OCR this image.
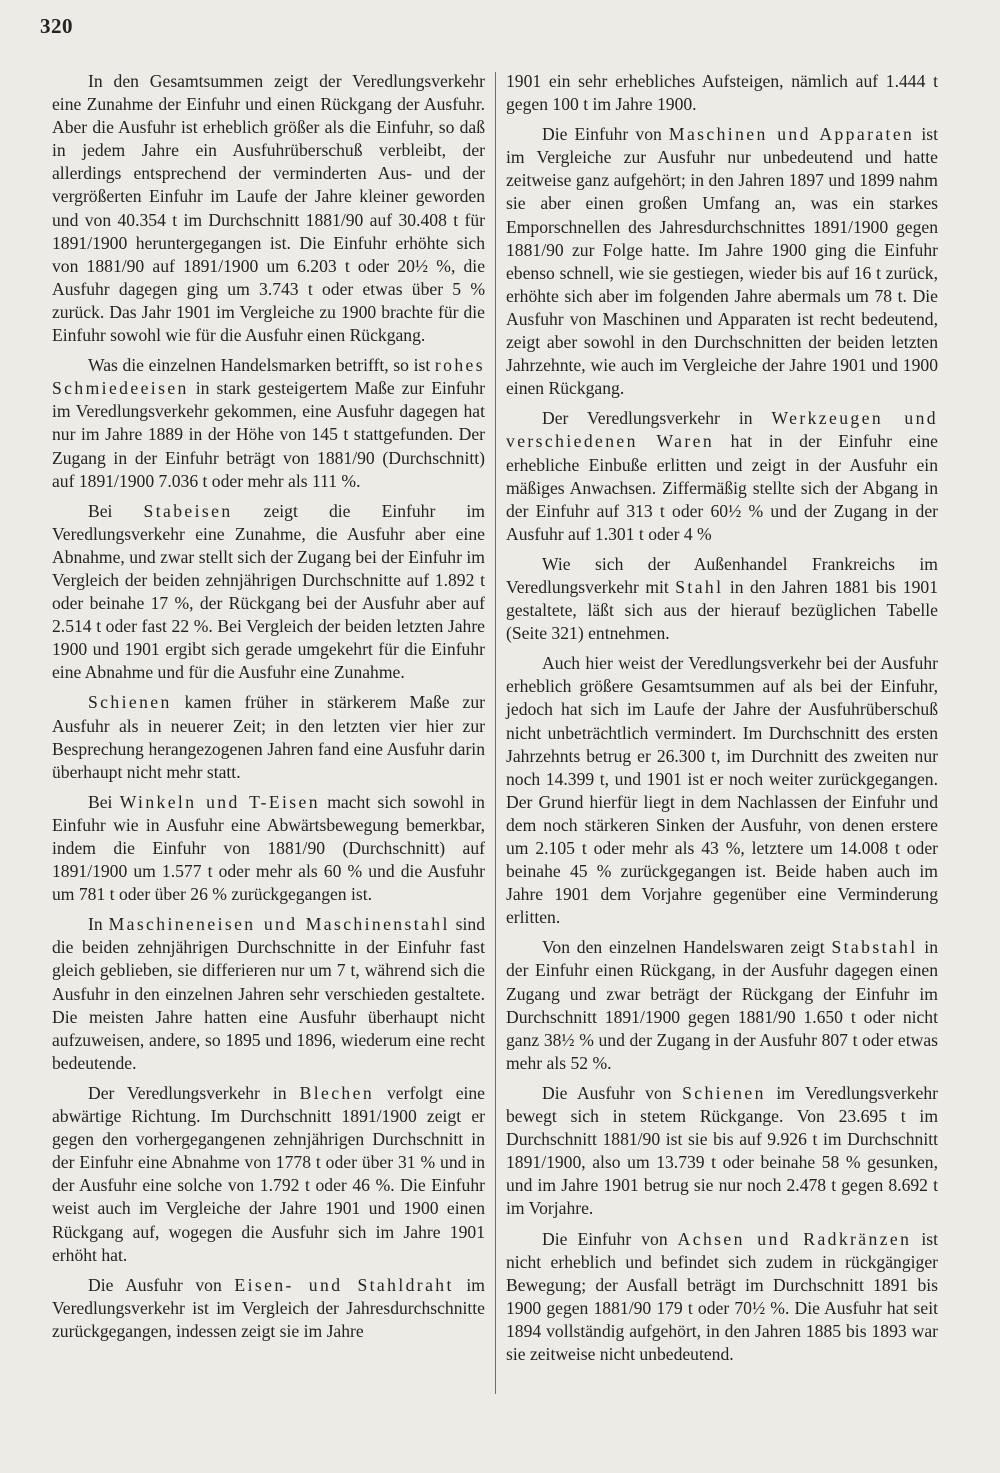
320

In den Gesamtsummen zeigt der Veredlungsverkehr eine Zunahme der Einfuhr und einen Rückgang der Ausfuhr. Aber die Ausfuhr ist erheblich größer als die Einfuhr, so daß in jedem Jahre ein Ausfuhrüberschuß verbleibt, der allerdings entsprechend der verminderten Aus- und der vergrößerten Einfuhr im Laufe der Jahre kleiner geworden und von 40.354 t im Durchschnitt 1881/90 auf 30.408 t für 1891/1900 heruntergegangen ist. Die Einfuhr erhöhte sich von 1881/90 auf 1891/1900 um 6.203 t oder 20½ %, die Ausfuhr dagegen ging um 3.743 t oder etwas über 5 % zurück. Das Jahr 1901 im Vergleiche zu 1900 brachte für die Einfuhr sowohl wie für die Ausfuhr einen Rückgang.

Was die einzelnen Handelsmarken betrifft, so ist rohes Schmiedeeisen in stark gesteigertem Maße zur Einfuhr im Veredlungsverkehr gekommen, eine Ausfuhr dagegen hat nur im Jahre 1889 in der Höhe von 145 t stattgefunden. Der Zugang in der Einfuhr beträgt von 1881/90 (Durchschnitt) auf 1891/1900 7.036 t oder mehr als 111 %.

Bei Stabeisen zeigt die Einfuhr im Veredlungsverkehr eine Zunahme, die Ausfuhr aber eine Abnahme, und zwar stellt sich der Zugang bei der Einfuhr im Vergleich der beiden zehnjährigen Durchschnitte auf 1.892 t oder beinahe 17 %, der Rückgang bei der Ausfuhr aber auf 2.514 t oder fast 22 %. Bei Vergleich der beiden letzten Jahre 1900 und 1901 ergibt sich gerade umgekehrt für die Einfuhr eine Abnahme und für die Ausfuhr eine Zunahme.

Schienen kamen früher in stärkerem Maße zur Ausfuhr als in neuerer Zeit; in den letzten vier hier zur Besprechung herangezogenen Jahren fand eine Ausfuhr darin überhaupt nicht mehr statt.

Bei Winkeln und T-Eisen macht sich sowohl in Einfuhr wie in Ausfuhr eine Abwärtsbewegung bemerkbar, indem die Einfuhr von 1881/90 (Durchschnitt) auf 1891/1900 um 1.577 t oder mehr als 60 % und die Ausfuhr um 781 t oder über 26 % zurückgegangen ist.

In Maschineneisen und Maschinenstahl sind die beiden zehnjährigen Durchschnitte in der Einfuhr fast gleich geblieben, sie differieren nur um 7 t, während sich die Ausfuhr in den einzelnen Jahren sehr verschieden gestaltete. Die meisten Jahre hatten eine Ausfuhr überhaupt nicht aufzuweisen, andere, so 1895 und 1896, wiederum eine recht bedeutende.

Der Veredlungsverkehr in Blechen verfolgt eine abwärtige Richtung. Im Durchschnitt 1891/1900 zeigt er gegen den vorhergegangenen zehnjährigen Durchschnitt in der Einfuhr eine Abnahme von 1778 t oder über 31 % und in der Ausfuhr eine solche von 1.792 t oder 46 %. Die Einfuhr weist auch im Vergleiche der Jahre 1901 und 1900 einen Rückgang auf, wogegen die Ausfuhr sich im Jahre 1901 erhöht hat.

Die Ausfuhr von Eisen- und Stahldraht im Veredlungsverkehr ist im Vergleich der Jahresdurchschnitte zurückgegangen, indessen zeigt sie im Jahre

1901 ein sehr erhebliches Aufsteigen, nämlich auf 1.444 t gegen 100 t im Jahre 1900.

Die Einfuhr von Maschinen und Apparaten ist im Vergleiche zur Ausfuhr nur unbedeutend und hatte zeitweise ganz aufgehört; in den Jahren 1897 und 1899 nahm sie aber einen großen Umfang an, was ein starkes Emporschnellen des Jahresdurchschnittes 1891/1900 gegen 1881/90 zur Folge hatte. Im Jahre 1900 ging die Einfuhr ebenso schnell, wie sie gestiegen, wieder bis auf 16 t zurück, erhöhte sich aber im folgenden Jahre abermals um 78 t. Die Ausfuhr von Maschinen und Apparaten ist recht bedeutend, zeigt aber sowohl in den Durchschnitten der beiden letzten Jahrzehnte, wie auch im Vergleiche der Jahre 1901 und 1900 einen Rückgang.

Der Veredlungsverkehr in Werkzeugen und verschiedenen Waren hat in der Einfuhr eine erhebliche Einbuße erlitten und zeigt in der Ausfuhr ein mäßiges Anwachsen. Ziffermäßig stellte sich der Abgang in der Einfuhr auf 313 t oder 60½ % und der Zugang in der Ausfuhr auf 1.301 t oder 4 %

Wie sich der Außenhandel Frankreichs im Veredlungsverkehr mit Stahl in den Jahren 1881 bis 1901 gestaltete, läßt sich aus der hierauf bezüglichen Tabelle (Seite 321) entnehmen.

Auch hier weist der Veredlungsverkehr bei der Ausfuhr erheblich größere Gesamtsummen auf als bei der Einfuhr, jedoch hat sich im Laufe der Jahre der Ausfuhrüberschuß nicht unbeträchtlich vermindert. Im Durchschnitt des ersten Jahrzehnts betrug er 26.300 t, im Durchnitt des zweiten nur noch 14.399 t, und 1901 ist er noch weiter zurückgegangen. Der Grund hierfür liegt in dem Nachlassen der Einfuhr und dem noch stärkeren Sinken der Ausfuhr, von denen erstere um 2.105 t oder mehr als 43 %, letztere um 14.008 t oder beinahe 45 % zurückgegangen ist. Beide haben auch im Jahre 1901 dem Vorjahre gegenüber eine Verminderung erlitten.

Von den einzelnen Handelswaren zeigt Stabstahl in der Einfuhr einen Rückgang, in der Ausfuhr dagegen einen Zugang und zwar beträgt der Rückgang der Einfuhr im Durchschnitt 1891/1900 gegen 1881/90 1.650 t oder nicht ganz 38½ % und der Zugang in der Ausfuhr 807 t oder etwas mehr als 52 %.

Die Ausfuhr von Schienen im Veredlungsverkehr bewegt sich in stetem Rückgange. Von 23.695 t im Durchschnitt 1881/90 ist sie bis auf 9.926 t im Durchschnitt 1891/1900, also um 13.739 t oder beinahe 58 % gesunken, und im Jahre 1901 betrug sie nur noch 2.478 t gegen 8.692 t im Vorjahre.

Die Einfuhr von Achsen und Radkränzen ist nicht erheblich und befindet sich zudem in rückgängiger Bewegung; der Ausfall beträgt im Durchschnitt 1891 bis 1900 gegen 1881/90 179 t oder 70½ %. Die Ausfuhr hat seit 1894 vollständig aufgehört, in den Jahren 1885 bis 1893 war sie zeitweise nicht unbedeutend.
